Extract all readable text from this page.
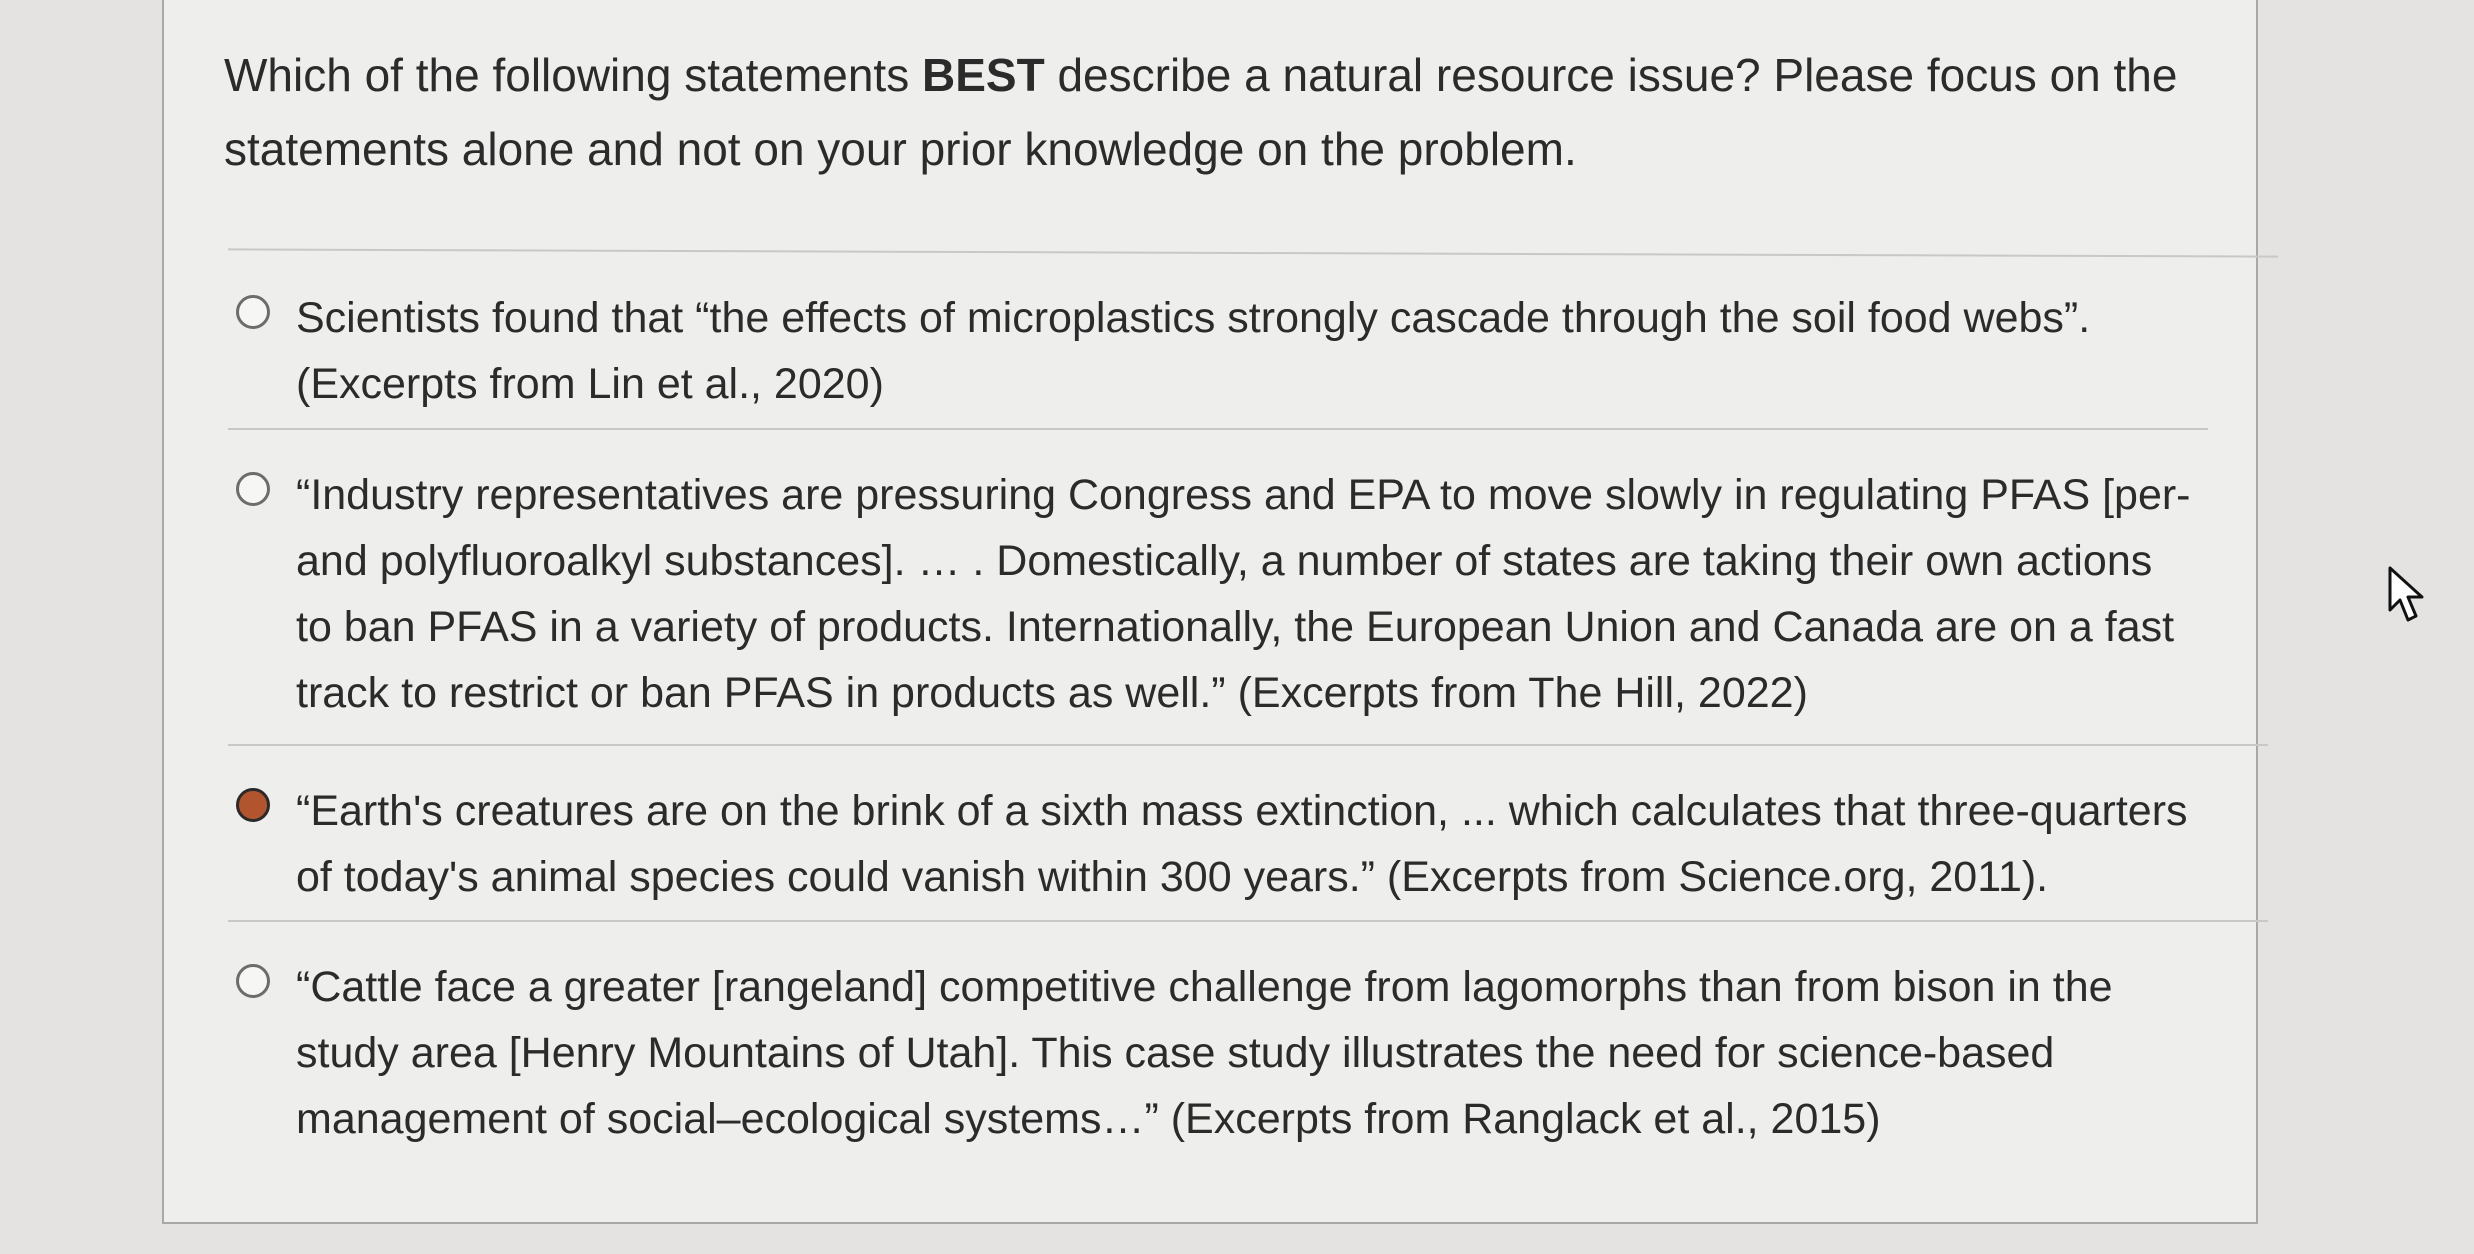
Which of the following statements BEST describe a natural resource issue? Please focus on the statements alone and not on your prior knowledge on the problem.
Scientists found that “the effects of microplastics strongly cascade through the soil food webs”. (Excerpts from Lin et al., 2020)
“Industry representatives are pressuring Congress and EPA to move slowly in regulating PFAS [per- and polyfluoroalkyl substances]. … . Domestically, a number of states are taking their own actions to ban PFAS in a variety of products. Internationally, the European Union and Canada are on a fast track to restrict or ban PFAS in products as well.” (Excerpts from The Hill, 2022)
“Earth's creatures are on the brink of a sixth mass extinction, ... which calculates that three-quarters of today's animal species could vanish within 300 years.” (Excerpts from Science.org, 2011).
“Cattle face a greater [rangeland] competitive challenge from lagomorphs than from bison in the study area [Henry Mountains of Utah]. This case study illustrates the need for science-based management of social–ecological systems…” (Excerpts from Ranglack et al., 2015)
